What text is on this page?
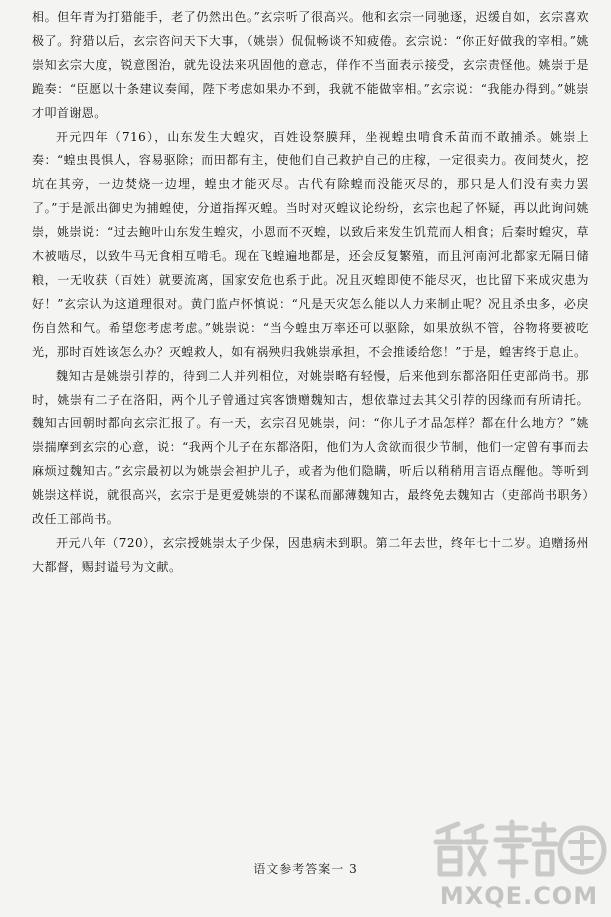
相。但年青为打猎能手，老了仍然出色。”玄宗听了很高兴。他和玄宗一同驰逐，迟缓自如，玄宗喜欢极了。狩猎以后，玄宗咨问天下大事，（姚崇）侃侃畅谈不知疲倦。玄宗说：“你正好做我的宰相。”姚崇知玄宗大度，锐意图治，就先设法来巩固他的意志，佯作不当面表示接受，玄宗责怪他。姚崇于是跪奏：“臣愿以十条建议奏闻，陛下考虑如果办不到，我就不能做宰相。”玄宗说：“我能办得到。”姚崇才叩首谢恩。

开元四年（716），山东发生大蝗灾，百姓设祭膜拜，坐视蝗虫啃食禾苗而不敢捕杀。姚崇上奏：“蝗虫畏惧人，容易驱除；而田都有主，使他们自己救护自己的庄稼，一定很卖力。夜间焚火，挖坑在其旁，一边焚烧一边埋，蝗虫才能灭尽。古代有除蝗而没能灭尽的，那只是人们没有卖力罢了。”于是派出御史为捕蝗使，分道指挥灭蝗。当时对灭蝗议论纷纷，玄宗也起了怀疑，再以此询问姚崇，姚崇说：“过去鲍叶山东发生蝗灾，小恩而不灭蝗，以致后来发生饥荒而人相食；后秦时蝗灾，草木被啮尽，以致牛马无食相互啃毛。现在飞蝗遍地都是，还会反复繁殖，而且河南河北都家无隔日储粮，一无收获（百姓）就要流离，国家安危也系于此。况且灭蝗即使不能尽灭，也比留下来成灾患为好！”玄宗认为这道理很对。黄门监卢怀慎说：“凡是天灾怎么能以人力来制止呢？况且杀虫多，必戾伤自然和气。希望您考虑考虑。”姚崇说：“当今蝗虫万率还可以驱除，如果放纵不管，谷物将要被吃光，那时百姓该怎么办？灭蝗救人，如有祸殃归我姚崇承担，不会推诿给您！”于是，蝗害终于息止。

魏知古是姚崇引荐的，待到二人并列相位，对姚崇略有轻慢，后来他到东都洛阳任吏部尚书。那时，姚崇有二子在洛阳，两个儿子曾通过宾客馈赠魏知古，想依靠过去其父引荐的因缘而有所请托。魏知古回朝时都向玄宗汇报了。有一天，玄宗召见姚崇，问：“你儿子才品怎样？都在什么地方？”姚崇揣摩到玄宗的心意，说：“我两个儿子在东都洛阳，他们为人贪欲而很少节制，他们一定曾有事而去麻烦过魏知古。”玄宗最初以为姚崇会袒护儿子，或者为他们隐瞒，听后以稍稍用言语点醒他。等听到姚崇这样说，就很高兴，玄宗于是更爱姚崇的不谋私而鄙薄魏知古，最终免去魏知古（吏部尚书职务）改任工部尚书。

开元八年（720），玄宗授姚崇太子少保，因患病未到职。第二年去世，终年七十二岁。追赠扬州大都督，赐封谥号为文献。

语文参考答案一 3
MXQE.COM
